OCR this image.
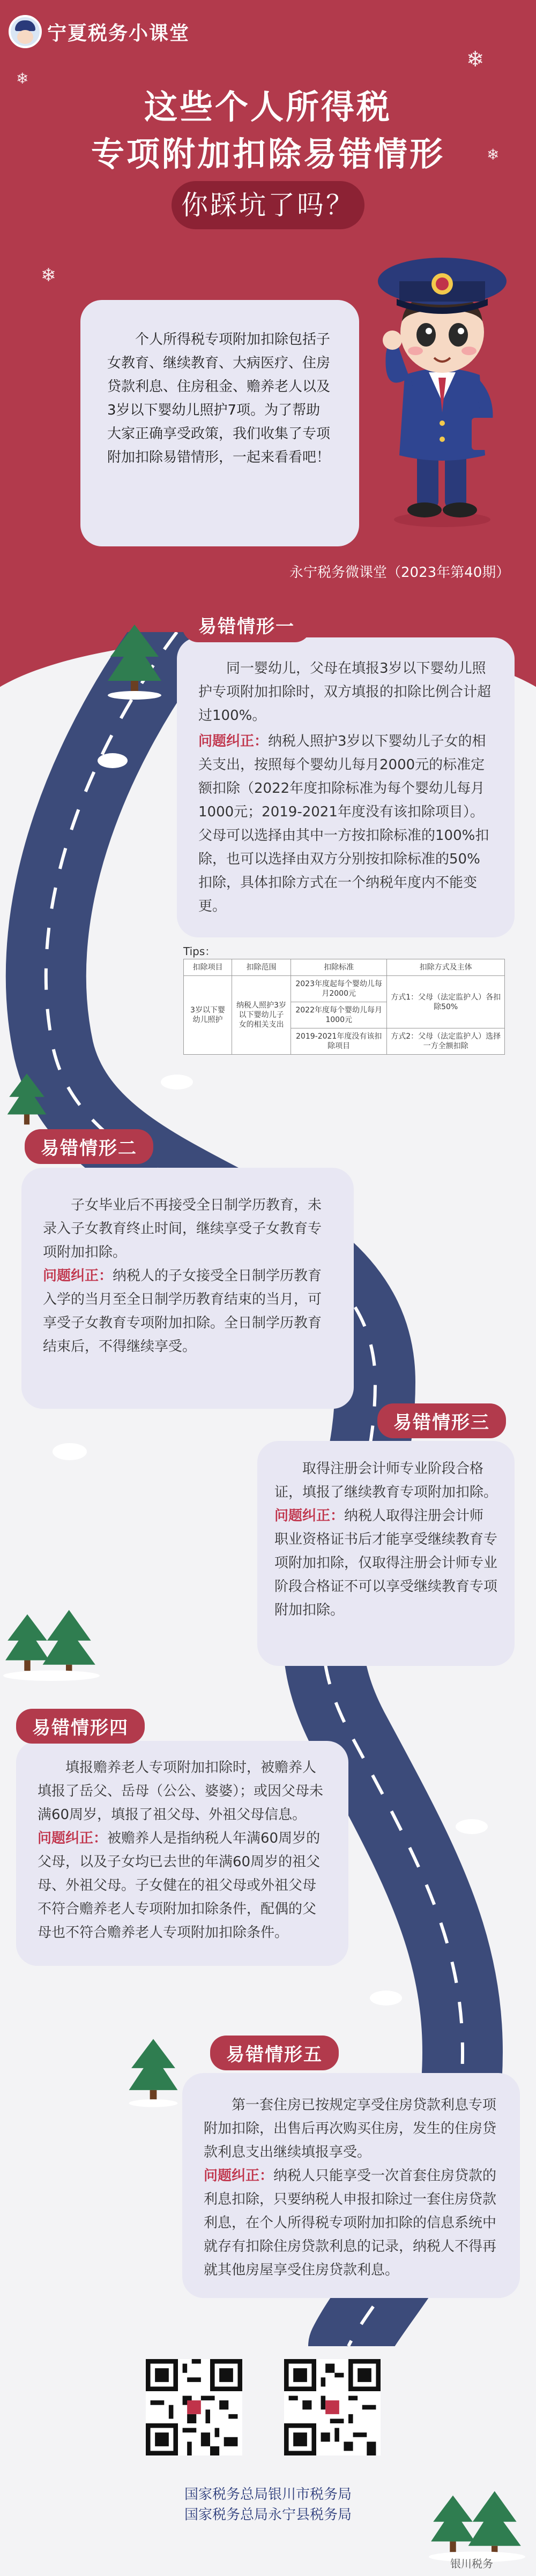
宁夏税务小课堂
❄
❄
❄
❄
这些个人所得税
专项附加扣除易错情形
你踩坑了吗？

个人所得税专项附加扣除包括子女教育、继续教育、大病医疗、住房贷款利息、住房租金、赡养老人以及3岁以下婴幼儿照护7项。为了帮助大家正确享受政策，我们收集了专项附加扣除易错情形，一起来看看吧！

永宁税务微课堂（2023年第40期）

同一婴幼儿，父母在填报3岁以下婴幼儿照护专项附加扣除时，双方填报的扣除比例合计超过100%。

问题纠正：纳税人照护3岁以下婴幼儿子女的相关支出，按照每个婴幼儿每月2000元的标准定额扣除（2022年度扣除标准为每个婴幼儿每月1000元；2019-2021年度没有该扣除项目）。父母可以选择由其中一方按扣除标准的100%扣除，也可以选择由双方分别按扣除标准的50%扣除，具体扣除方式在一个纳税年度内不能变更。

易错情形一
Tips：
扣除项目	扣除范围	扣除标准	扣除方式及主体
3岁以下婴幼儿照护	纳税人照护3岁以下婴幼儿子女的相关支出	2023年度起每个婴幼儿每月2000元	方式1：父母（法定监护人）各扣除50%
		2022年度每个婴幼儿每月1000元	
		2019-2021年度没有该扣除项目	方式2：父母（法定监护人）选择一方全额扣除

子女毕业后不再接受全日制学历教育，未录入子女教育终止时间，继续享受子女教育专项附加扣除。

问题纠正：纳税人的子女接受全日制学历教育入学的当月至全日制学历教育结束的当月，可享受子女教育专项附加扣除。全日制学历教育结束后，不得继续享受。

易错情形二

取得注册会计师专业阶段合格证，填报了继续教育专项附加扣除。

问题纠正：纳税人取得注册会计师职业资格证书后才能享受继续教育专项附加扣除，仅取得注册会计师专业阶段合格证不可以享受继续教育专项附加扣除。

易错情形三

填报赡养老人专项附加扣除时，被赡养人填报了岳父、岳母（公公、婆婆）；或因父母未满60周岁，填报了祖父母、外祖父母信息。

问题纠正：被赡养人是指纳税人年满60周岁的父母，以及子女均已去世的年满60周岁的祖父母、外祖父母。子女健在的祖父母或外祖父母不符合赡养老人专项附加扣除条件，配偶的父母也不符合赡养老人专项附加扣除条件。

易错情形四

第一套住房已按规定享受住房贷款利息专项附加扣除，出售后再次购买住房，发生的住房贷款利息支出继续填报享受。

问题纠正：纳税人只能享受一次首套住房贷款的利息扣除，只要纳税人申报扣除过一套住房贷款利息，在个人所得税专项附加扣除的信息系统中就存有扣除住房贷款利息的记录，纳税人不得再就其他房屋享受住房贷款利息。

易错情形五
国家税务总局银川市税务局
国家税务总局永宁县税务局
银川税务
